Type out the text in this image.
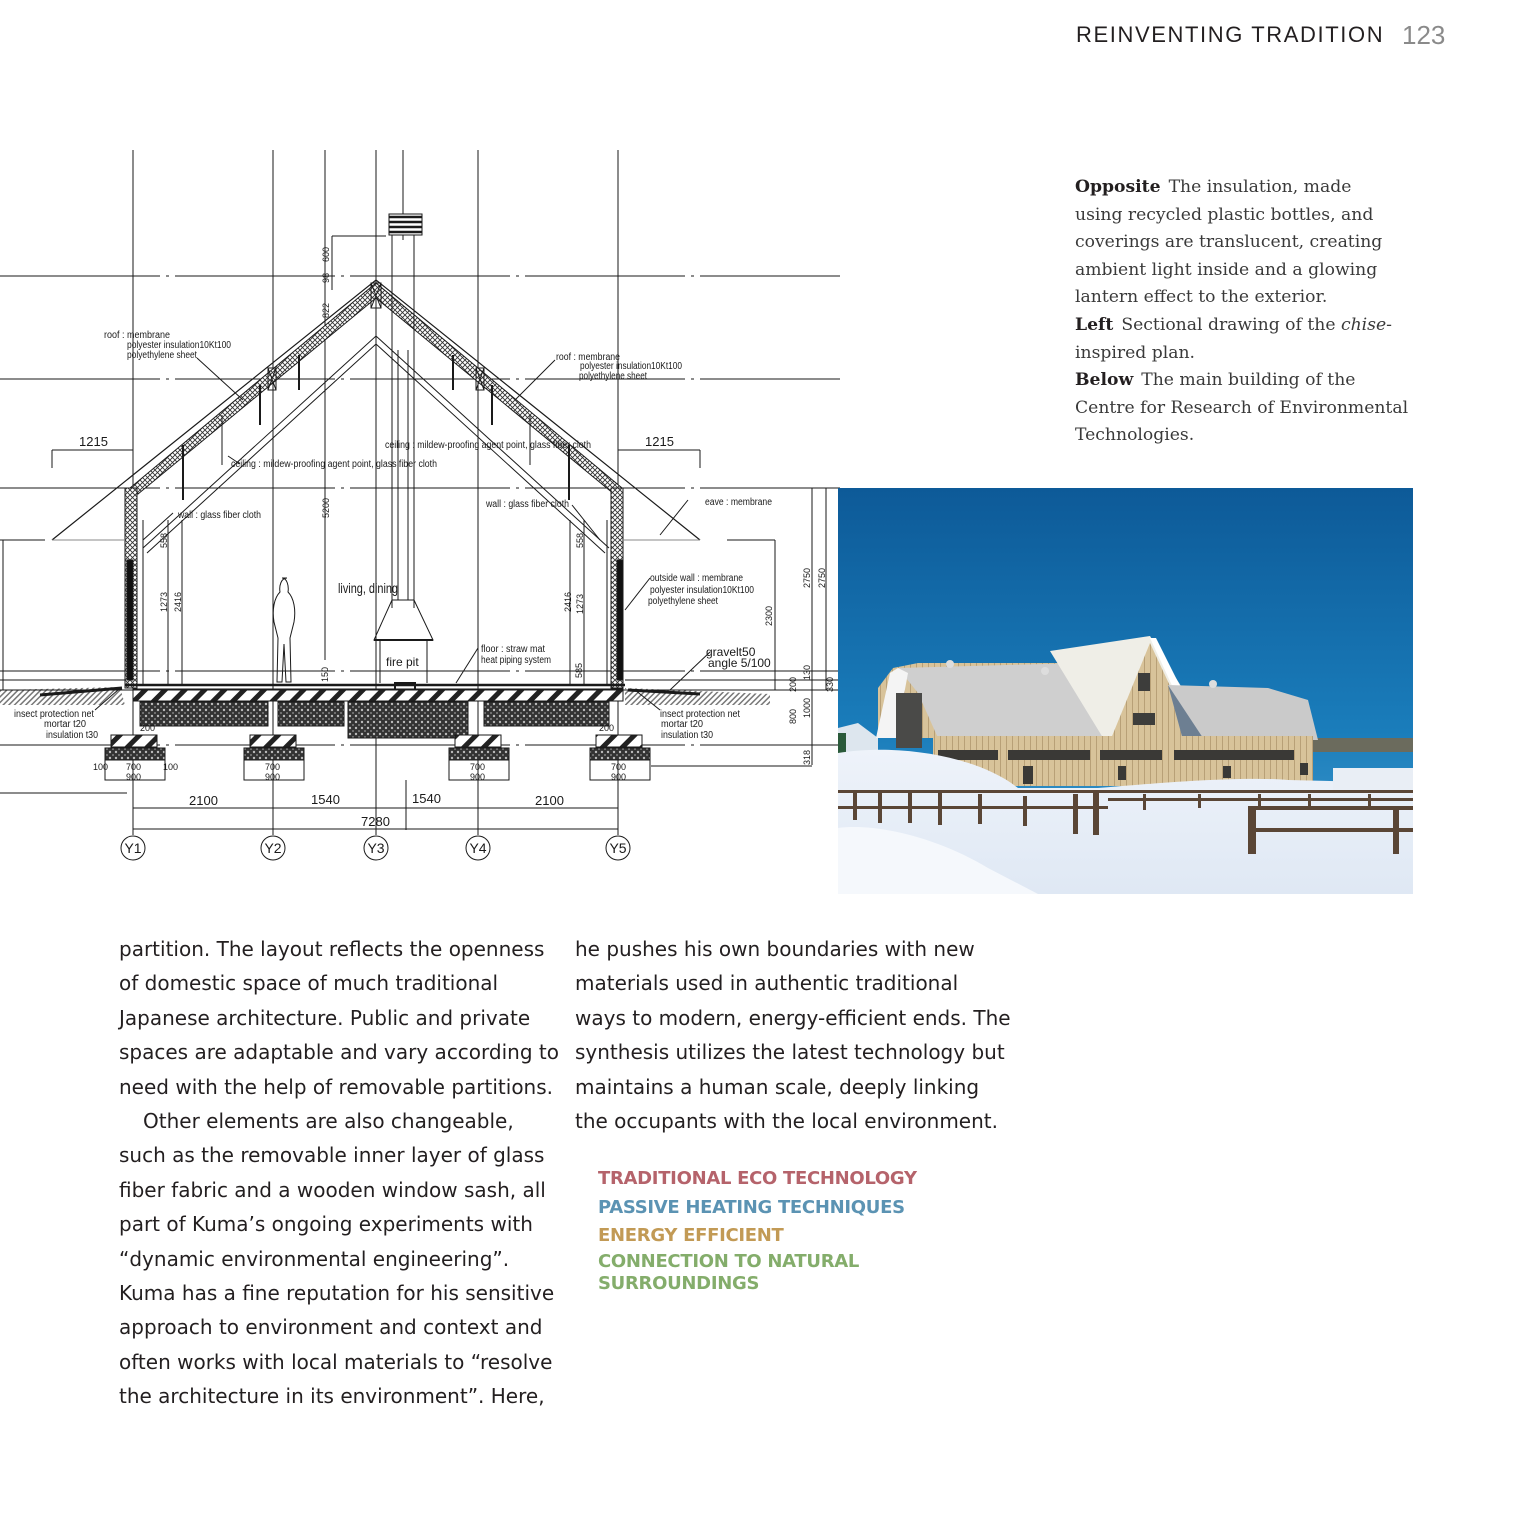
REINVENTING TRADITION 123

Opposite The insulation, made

using recycled plastic bottles, and

coverings are translucent, creating

ambient light inside and a glowing

lantern effect to the exterior.

Left Sectional drawing of the chise-

inspired plan.

Below The main building of the

Centre for Research of Environmental

Technologies.

roof : membrane
polyester insulation10Kt100
polyethylene sheet	roof : membrane
polyester insulation10Kt100
polyethylene sheet
ceiling : mildew-proofing agent point, glass fiber cloth
ceiling : mildew-proofing agent point, glass fiber cloth
wall : glass fiber cloth
wall : glass fiber cloth	eave : membrane
outside wall : membrane
polyester insulation10Kt100
polyethylene sheet
floor : straw mat
heat piping system
insect protection net
mortar t20
insulation t30
insect protection net
mortar t20
insulation t30
living, dining
fire pit
gravelt50
angle 5/100
1215	1215
2100	1540	1540	2100
7280
5200
600
98
822
558
1273 2416
558
1273
2416
2750 2750
2300
1000
800
318
330
200
130
585
150
700
900
700
900
700
900
700
900
100	100
200	200
Y1	Y2	Y3	Y4	Y5

partition. The layout reflects the openness

of domestic space of much traditional

Japanese architecture. Public and private

spaces are adaptable and vary according to

need with the help of removable partitions.

Other elements are also changeable,

such as the removable inner layer of glass

fiber fabric and a wooden window sash, all

part of Kuma’s ongoing experiments with

“dynamic environmental engineering”.

Kuma has a fine reputation for his sensitive

approach to environment and context and

often works with local materials to “resolve

the architecture in its environment”. Here,

he pushes his own boundaries with new

materials used in authentic traditional

ways to modern, energy-efficient ends. The

synthesis utilizes the latest technology but

maintains a human scale, deeply linking

the occupants with the local environment.

TRADITIONAL ECO TECHNOLOGY
PASSIVE HEATING TECHNIQUES
ENERGY EFFICIENT
CONNECTION TO NATURAL
SURROUNDINGS
